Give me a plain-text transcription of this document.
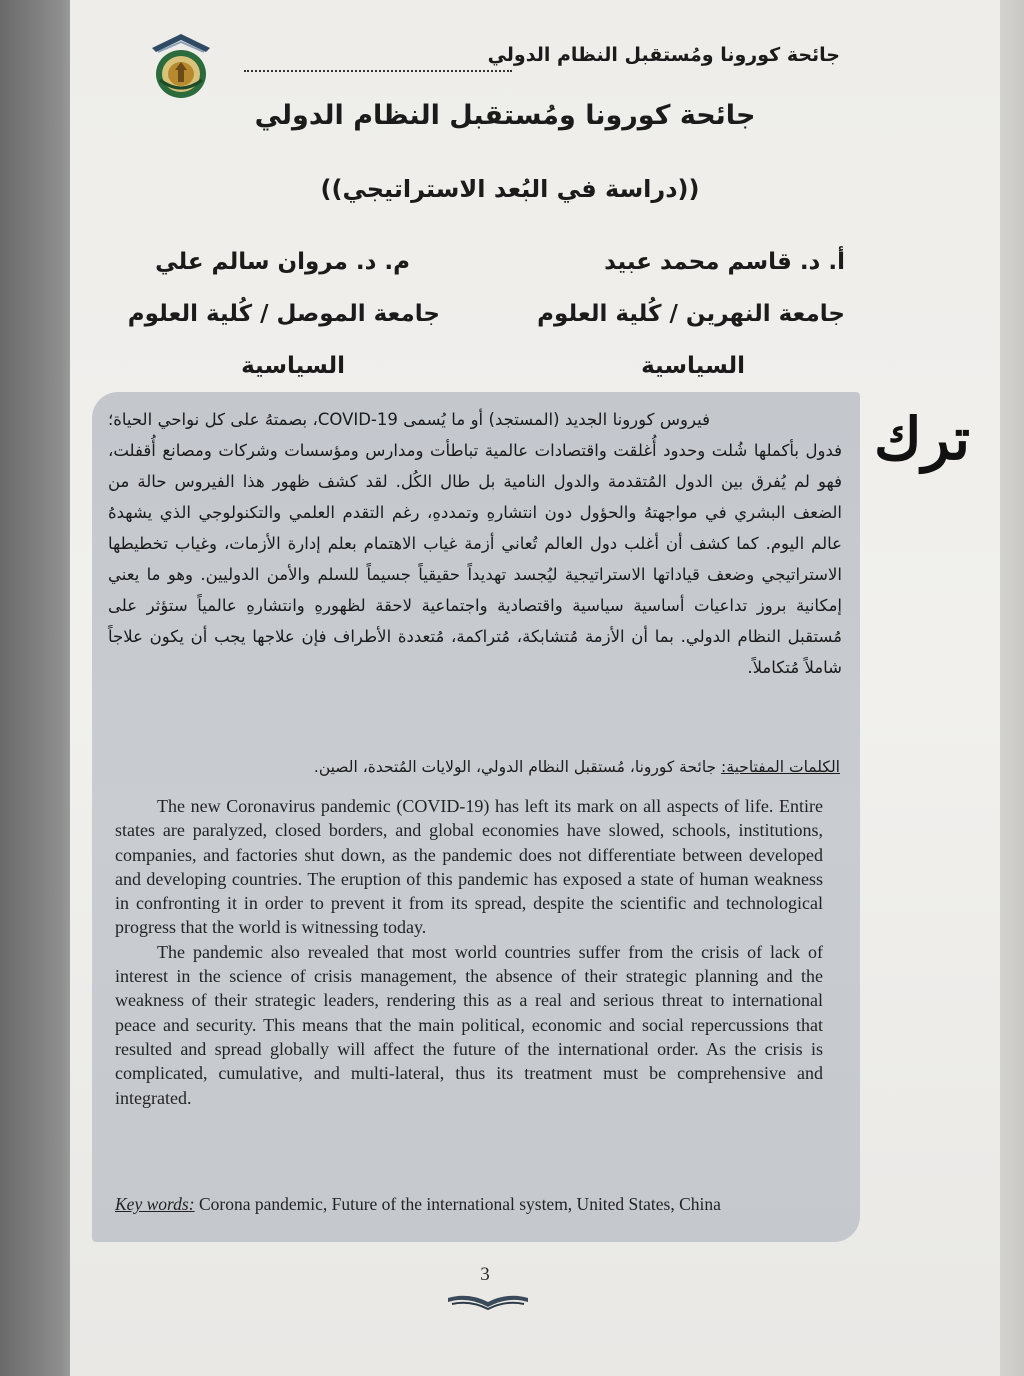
جائحة كورونا ومُستقبل النظام الدولي
جائحة كورونا ومُستقبل النظام الدولي
((دراسة في البُعد الاستراتيجي))
أ. د. قاسم محمد عبيد
جامعة النهرين / كُلية العلوم
السياسية
م. د. مروان سالم علي
جامعة الموصل / كُلية العلوم
السياسية
ترك
فيروس كورونا الجديد (المستجد) أو ما يُسمى COVID-19، بصمتهُ على كل نواحي الحياة؛ فدول بأكملها شُلت وحدود أُغلقت واقتصادات عالمية تباطأت ومدارس ومؤسسات وشركات ومصانع أُقفلت، فهو لم يُفرق بين الدول المُتقدمة والدول النامية بل طال الكُل. لقد كشف ظهور هذا الفيروس حالة من الضعف البشري في مواجهتهُ والحؤول دون انتشارهِ وتمددهِ، رغم التقدم العلمي والتكنولوجي الذي يشهدهُ عالم اليوم. كما كشف أن أغلب دول العالم تُعاني أزمة غياب الاهتمام بعلم إدارة الأزمات، وغياب تخطيطها الاستراتيجي وضعف قياداتها الاستراتيجية ليُجسد تهديداً حقيقياً جسيماً للسلم والأمن الدوليين. وهو ما يعني إمكانية بروز تداعيات أساسية سياسية واقتصادية واجتماعية لاحقة لظهورهِ وانتشارهِ عالمياً ستؤثر على مُستقبل النظام الدولي. بما أن الأزمة مُتشابكة، مُتراكمة، مُتعددة الأطراف فإن علاجها يجب أن يكون علاجاً شاملاً مُتكاملاً.
الكلمات المفتاحية: جائحة كورونا، مُستقبل النظام الدولي، الولايات المُتحدة، الصين.

The new Coronavirus pandemic (COVID-19) has left its mark on all aspects of life. Entire states are paralyzed, closed borders, and global economies have slowed, schools, institutions, companies, and factories shut down, as the pandemic does not differentiate between developed and developing countries. The eruption of this pandemic has exposed a state of human weakness in confronting it in order to prevent it from its spread, despite the scientific and technological progress that the world is witnessing today.

The pandemic also revealed that most world countries suffer from the crisis of lack of interest in the science of crisis management, the absence of their strategic planning and the weakness of their strategic leaders, rendering this as a real and serious threat to international peace and security. This means that the main political, economic and social repercussions that resulted and spread globally will affect the future of the international order. As the crisis is complicated, cumulative, and multi-lateral, thus its treatment must be comprehensive and integrated.

Key words: Corona pandemic, Future of the international system, United States, China
3
